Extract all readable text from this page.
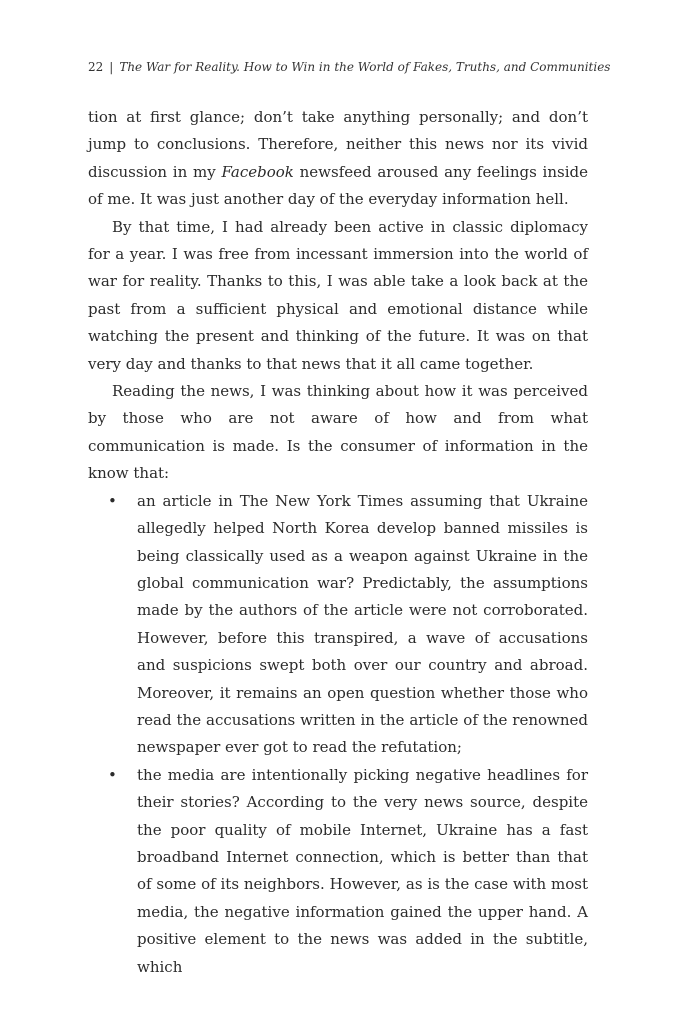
22 | The War for Reality. How to Win in the World of Fakes, Truths, and Communities

tion at first glance; don’t take anything personally; and don’t jump to conclusions. Therefore, neither this news nor its vivid discussion in my Facebook newsfeed aroused any feelings inside of me. It was just another day of the everyday information hell.

By that time, I had already been active in classic diplomacy for a year. I was free from incessant immersion into the world of war for reality. Thanks to this, I was able take a look back at the past from a sufficient physical and emotional distance while watching the present and thinking of the future. It was on that very day and thanks to that news that it all came together.

Reading the news, I was thinking about how it was perceived by those who are not aware of how and from what communication is made. Is the consumer of information in the know that:

• an article in The New York Times assuming that Ukraine allegedly helped North Korea develop banned missiles is being classically used as a weapon against Ukraine in the global communication war? Predictably, the assumptions made by the authors of the article were not corroborated. However, before this transpired, a wave of accusations and suspicions swept both over our country and abroad. Moreover, it remains an open question whether those who read the accusations written in the article of the renowned newspaper ever got to read the refutation;
• the media are intentionally picking negative headlines for their stories? According to the very news source, despite the poor quality of mobile Internet, Ukraine has a fast broadband Internet connection, which is better than that of some of its neighbors. However, as is the case with most media, the negative information gained the upper hand. A positive element to the news was added in the subtitle, which
